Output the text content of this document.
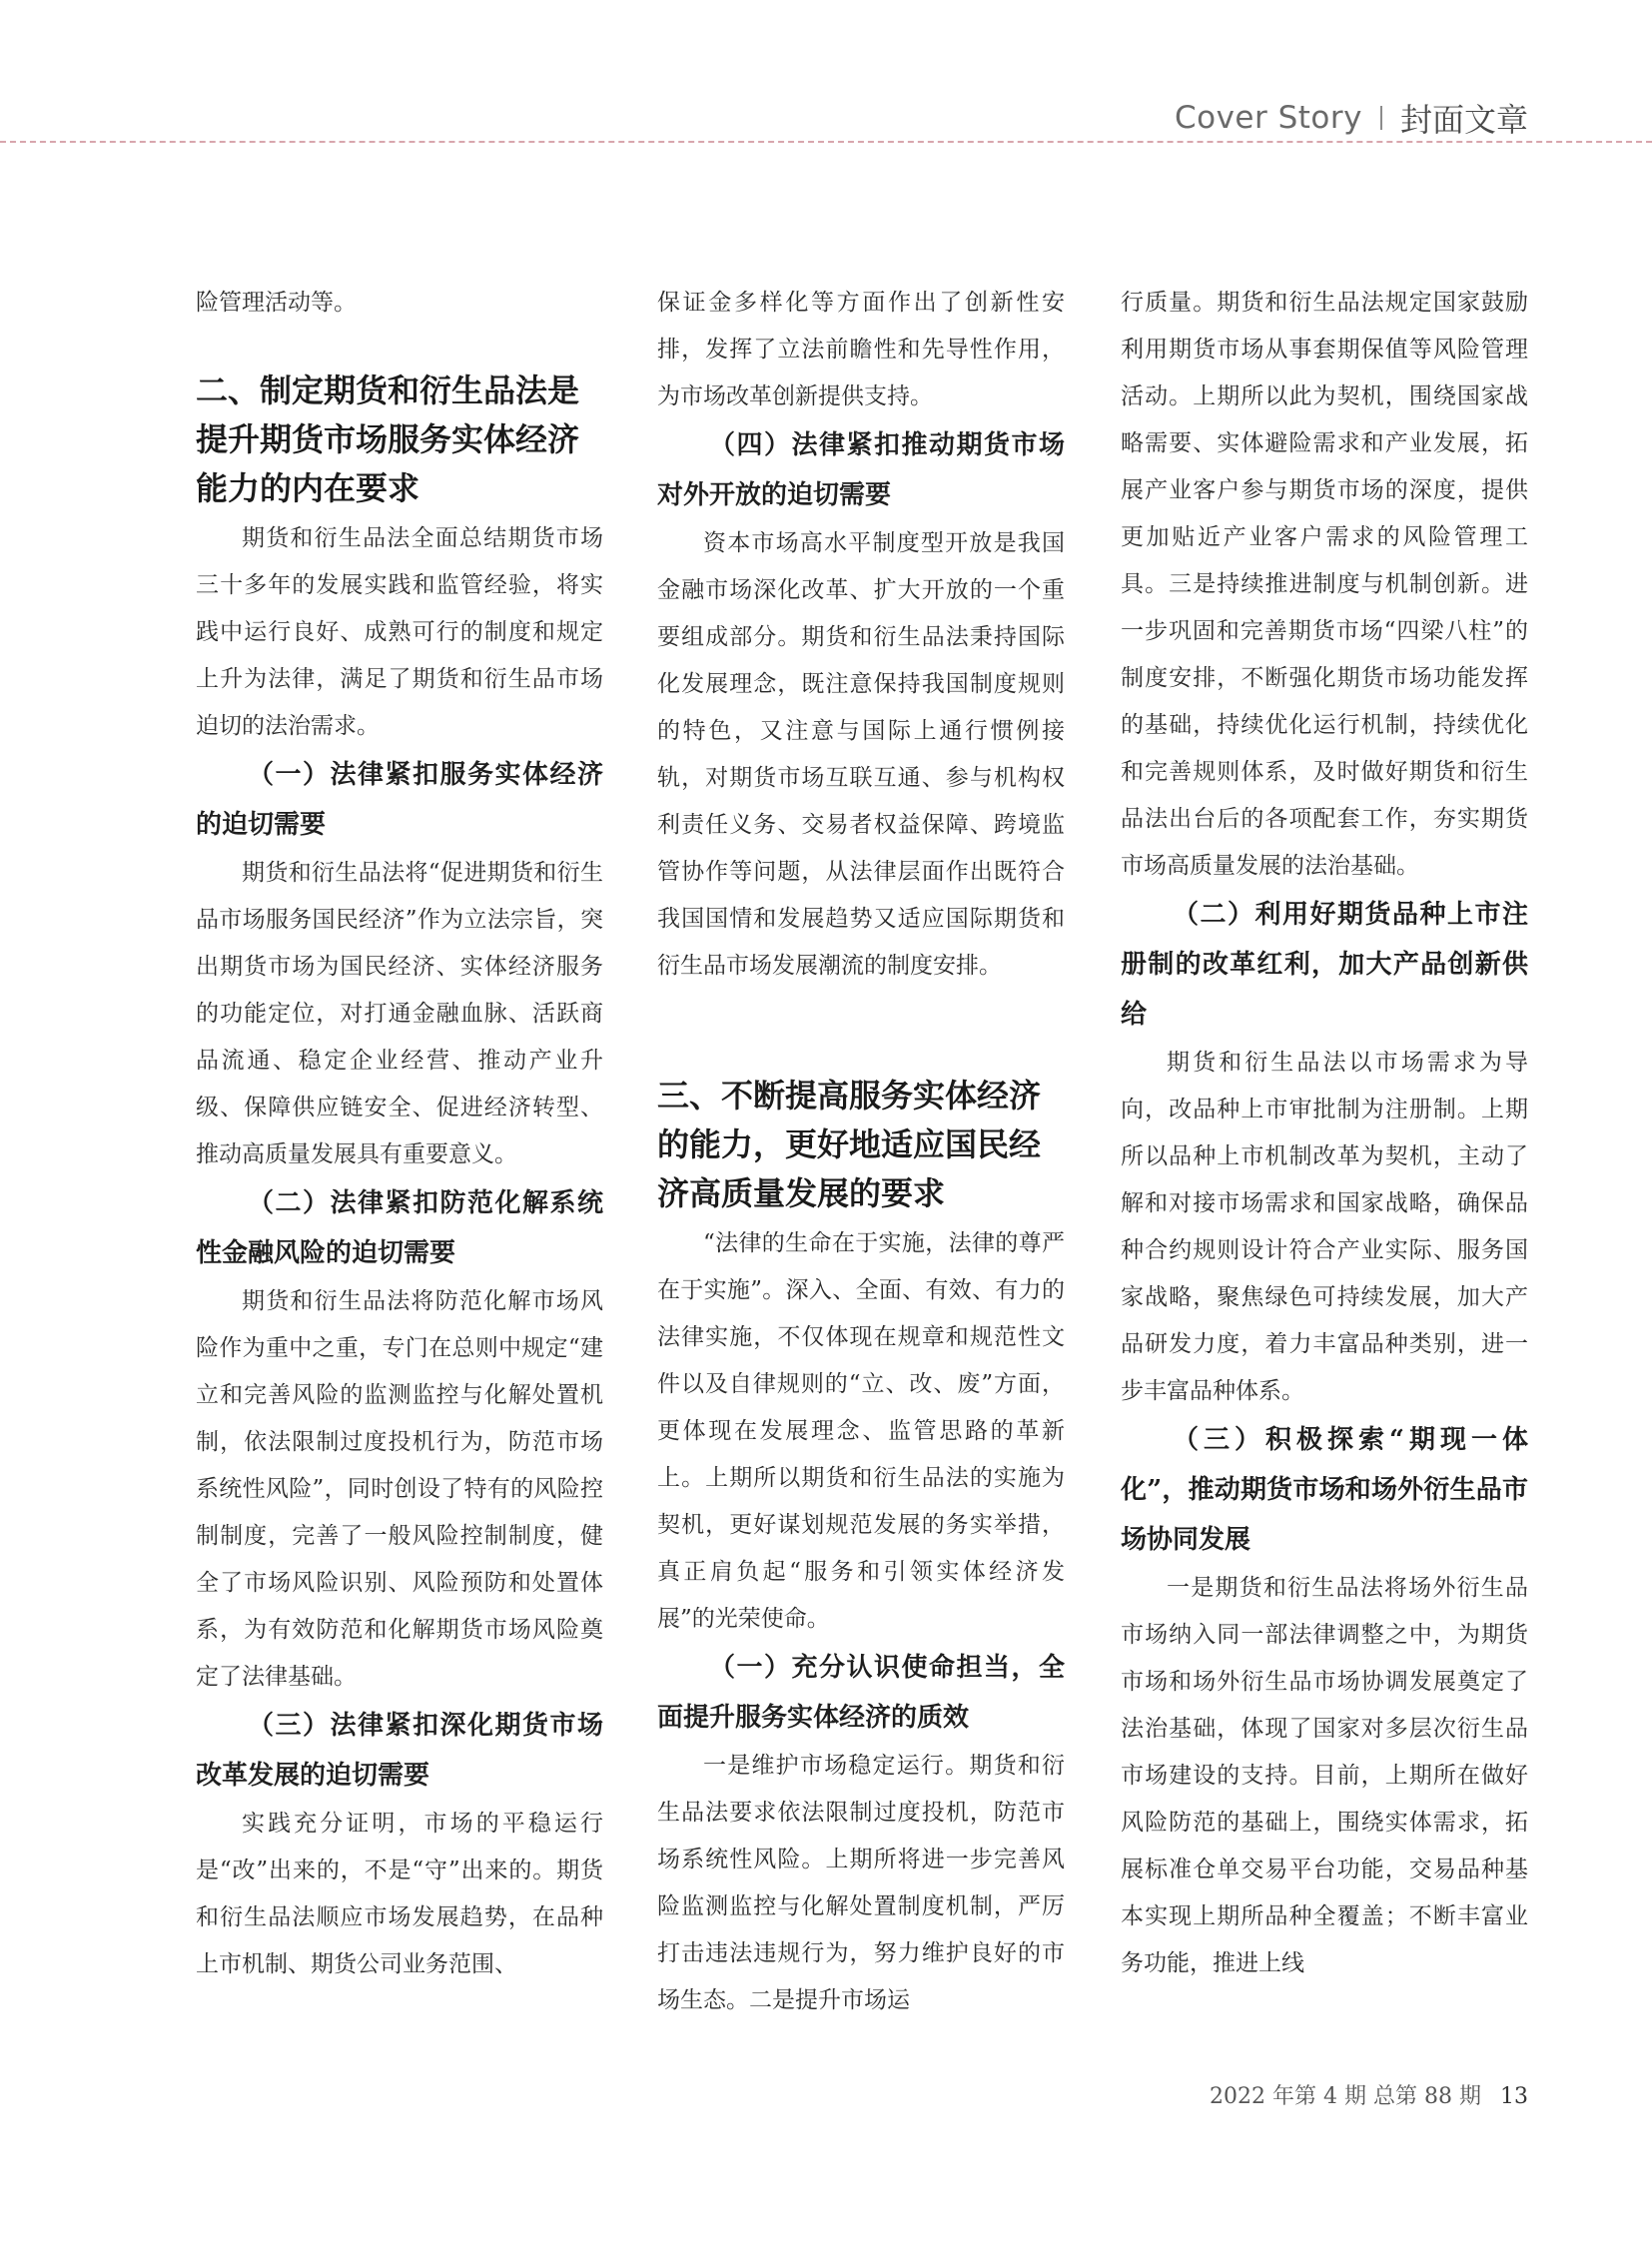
Cover Story 封面文章

险管理活动等。

二、制定期货和衍生品法是提升期货市场服务实体经济能力的内在要求

期货和衍生品法全面总结期货市场三十多年的发展实践和监管经验，将实践中运行良好、成熟可行的制度和规定上升为法律，满足了期货和衍生品市场迫切的法治需求。

（一）法律紧扣服务实体经济的迫切需要

期货和衍生品法将“促进期货和衍生品市场服务国民经济”作为立法宗旨，突出期货市场为国民经济、实体经济服务的功能定位，对打通金融血脉、活跃商品流通、稳定企业经营、推动产业升级、保障供应链安全、促进经济转型、推动高质量发展具有重要意义。

（二）法律紧扣防范化解系统性金融风险的迫切需要

期货和衍生品法将防范化解市场风险作为重中之重，专门在总则中规定“建立和完善风险的监测监控与化解处置机制，依法限制过度投机行为，防范市场系统性风险”，同时创设了特有的风险控制制度，完善了一般风险控制制度，健全了市场风险识别、风险预防和处置体系，为有效防范和化解期货市场风险奠定了法律基础。

（三）法律紧扣深化期货市场改革发展的迫切需要

实践充分证明，市场的平稳运行是“改”出来的，不是“守”出来的。期货和衍生品法顺应市场发展趋势，在品种上市机制、期货公司业务范围、

保证金多样化等方面作出了创新性安排，发挥了立法前瞻性和先导性作用，为市场改革创新提供支持。

（四）法律紧扣推动期货市场对外开放的迫切需要

资本市场高水平制度型开放是我国金融市场深化改革、扩大开放的一个重要组成部分。期货和衍生品法秉持国际化发展理念，既注意保持我国制度规则的特色，又注意与国际上通行惯例接轨，对期货市场互联互通、参与机构权利责任义务、交易者权益保障、跨境监管协作等问题，从法律层面作出既符合我国国情和发展趋势又适应国际期货和衍生品市场发展潮流的制度安排。

三、不断提高服务实体经济的能力，更好地适应国民经济高质量发展的要求

“法律的生命在于实施，法律的尊严在于实施”。深入、全面、有效、有力的法律实施，不仅体现在规章和规范性文件以及自律规则的“立、改、废”方面，更体现在发展理念、监管思路的革新上。上期所以期货和衍生品法的实施为契机，更好谋划规范发展的务实举措，真正肩负起“服务和引领实体经济发展”的光荣使命。

（一）充分认识使命担当，全面提升服务实体经济的质效

一是维护市场稳定运行。期货和衍生品法要求依法限制过度投机，防范市场系统性风险。上期所将进一步完善风险监测监控与化解处置制度机制，严厉打击违法违规行为，努力维护良好的市场生态。二是提升市场运

行质量。期货和衍生品法规定国家鼓励利用期货市场从事套期保值等风险管理活动。上期所以此为契机，围绕国家战略需要、实体避险需求和产业发展，拓展产业客户参与期货市场的深度，提供更加贴近产业客户需求的风险管理工具。三是持续推进制度与机制创新。进一步巩固和完善期货市场“四梁八柱”的制度安排，不断强化期货市场功能发挥的基础，持续优化运行机制，持续优化和完善规则体系，及时做好期货和衍生品法出台后的各项配套工作，夯实期货市场高质量发展的法治基础。

（二）利用好期货品种上市注册制的改革红利，加大产品创新供给

期货和衍生品法以市场需求为导向，改品种上市审批制为注册制。上期所以品种上市机制改革为契机，主动了解和对接市场需求和国家战略，确保品种合约规则设计符合产业实际、服务国家战略，聚焦绿色可持续发展，加大产品研发力度，着力丰富品种类别，进一步丰富品种体系。

（三）积极探索“期现一体化”，推动期货市场和场外衍生品市场协同发展

一是期货和衍生品法将场外衍生品市场纳入同一部法律调整之中，为期货市场和场外衍生品市场协调发展奠定了法治基础，体现了国家对多层次衍生品市场建设的支持。目前，上期所在做好风险防范的基础上，围绕实体需求，拓展标准仓单交易平台功能，交易品种基本实现上期所品种全覆盖；不断丰富业务功能，推进上线

2022 年第 4 期 总第 88 期 13
